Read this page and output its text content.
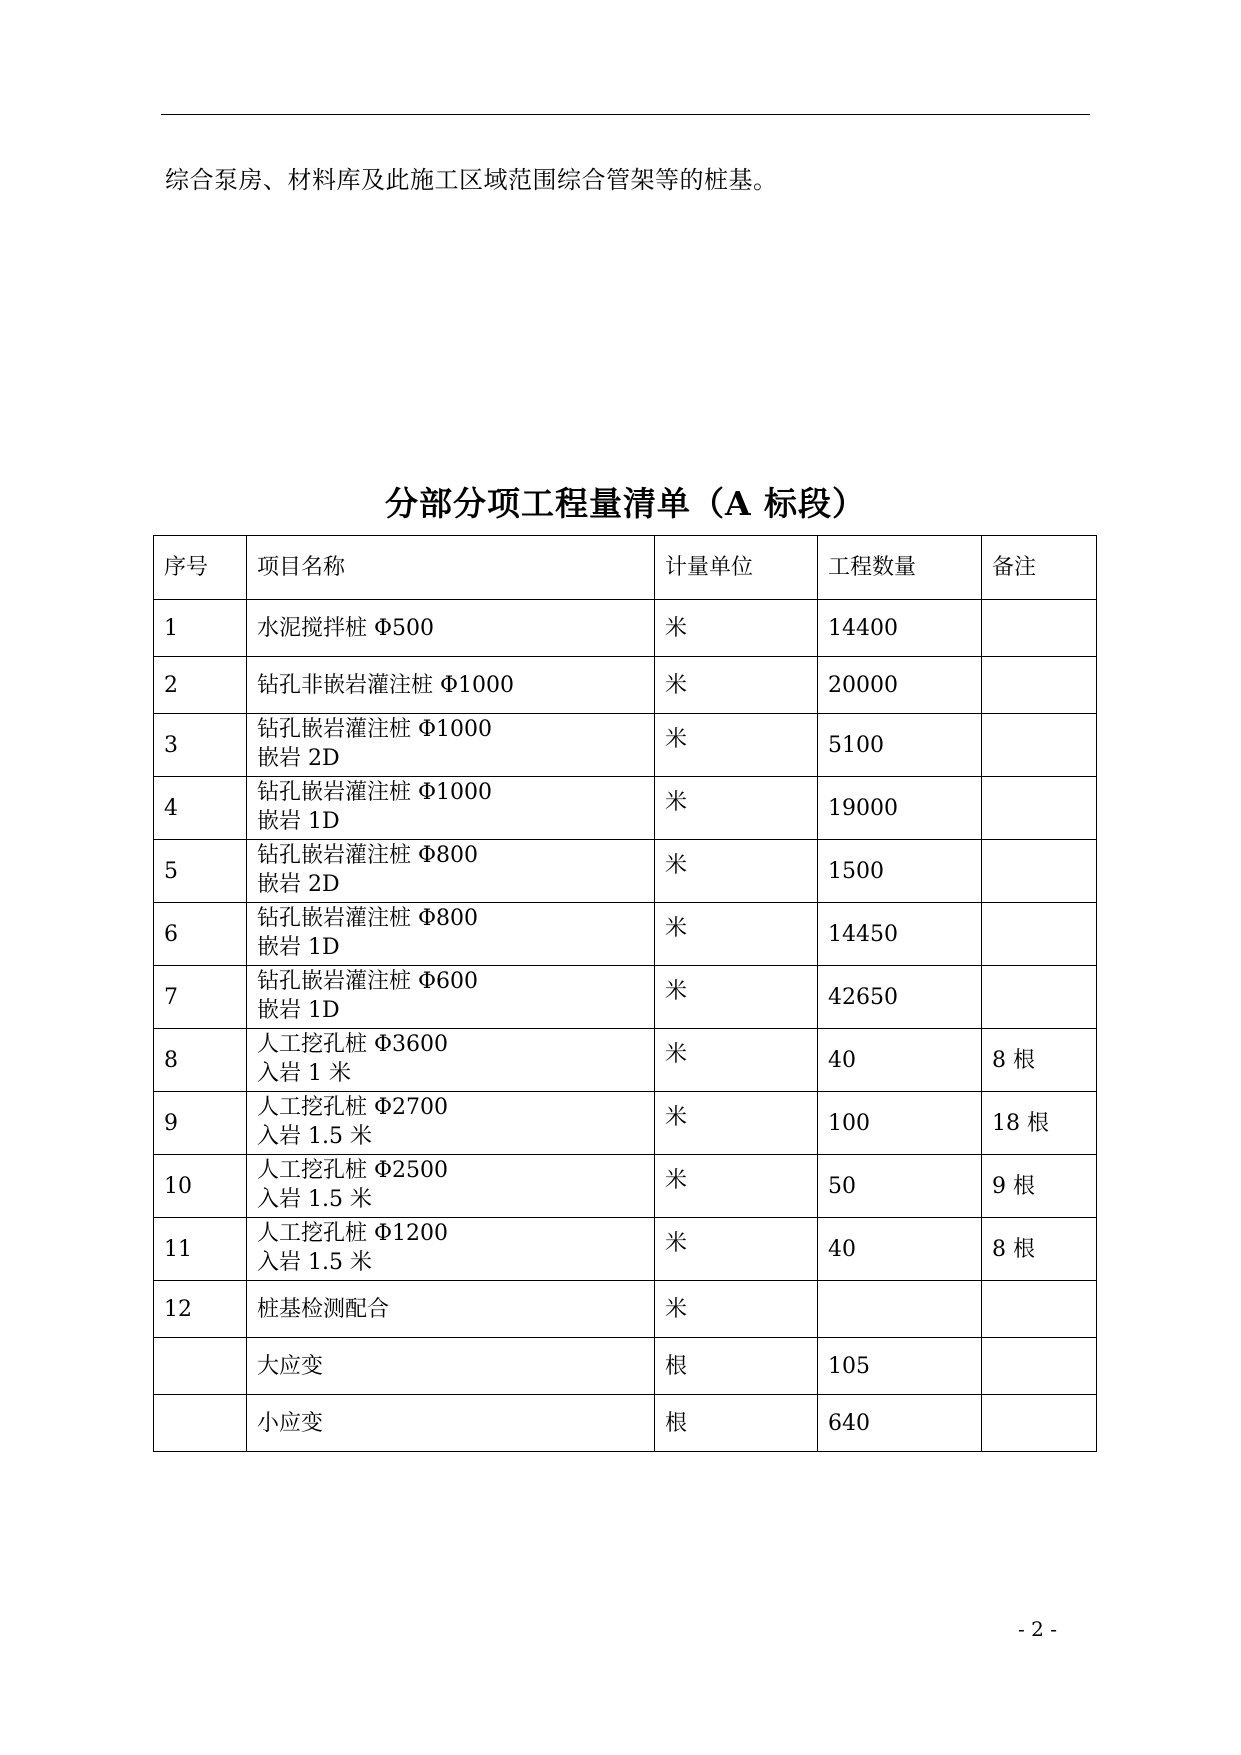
综合泵房、材料库及此施工区域范围综合管架等的桩基。
分部分项工程量清单（A 标段）
序号	项目名称	计量单位	工程数量	备注
1	水泥搅拌桩 Φ500	米	14400	
2	钻孔非嵌岩灌注桩 Φ1000	米	20000	
3	钻孔嵌岩灌注桩 Φ1000
嵌岩 2D	米	5100	
4	钻孔嵌岩灌注桩 Φ1000
嵌岩 1D	米	19000	
5	钻孔嵌岩灌注桩 Φ800
嵌岩 2D	米	1500	
6	钻孔嵌岩灌注桩 Φ800
嵌岩 1D	米	14450	
7	钻孔嵌岩灌注桩 Φ600
嵌岩 1D	米	42650	
8	人工挖孔桩 Φ3600
入岩 1 米	米	40	8 根
9	人工挖孔桩 Φ2700
入岩 1.5 米	米	100	18 根
10	人工挖孔桩 Φ2500
入岩 1.5 米	米	50	9 根
11	人工挖孔桩 Φ1200
入岩 1.5 米	米	40	8 根
12	桩基检测配合	米		

	大应变	根	105	

	小应变	根	640	
- 2 -
